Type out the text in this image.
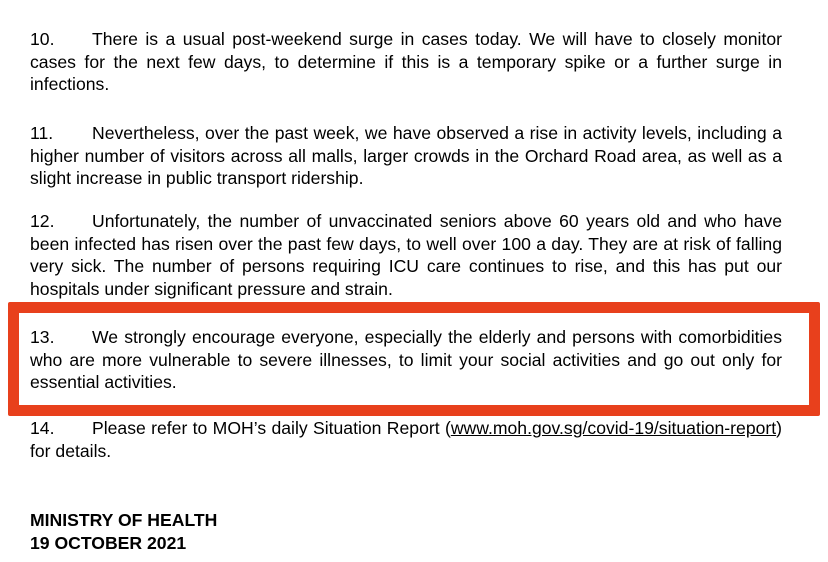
10. There is a usual post-weekend surge in cases today. We will have to closely monitor cases for the next few days, to determine if this is a temporary spike or a further surge in infections.
11. Nevertheless, over the past week, we have observed a rise in activity levels, including a higher number of visitors across all malls, larger crowds in the Orchard Road area, as well as a slight increase in public transport ridership.
12. Unfortunately, the number of unvaccinated seniors above 60 years old and who have been infected has risen over the past few days, to well over 100 a day. They are at risk of falling very sick. The number of persons requiring ICU care continues to rise, and this has put our hospitals under significant pressure and strain.
13. We strongly encourage everyone, especially the elderly and persons with comorbidities who are more vulnerable to severe illnesses, to limit your social activities and go out only for essential activities.
14. Please refer to MOH’s daily Situation Report (www.moh.gov.sg/covid-19/situation-report) for details.
MINISTRY OF HEALTH
19 OCTOBER 2021
